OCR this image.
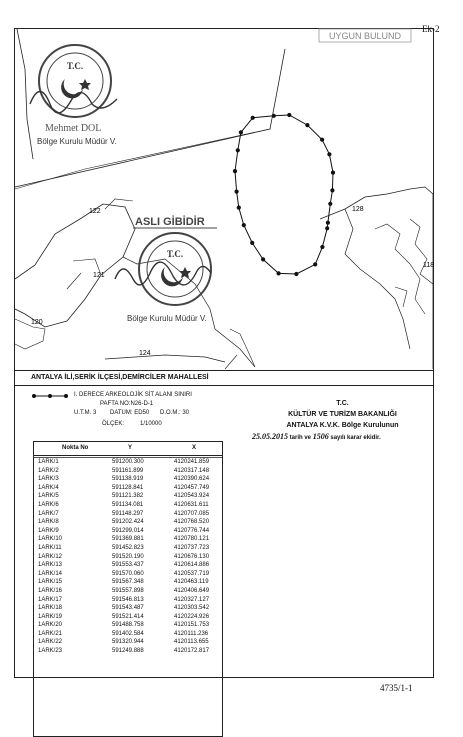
Ek-2
UYGUN BULUND
122
121
128
120
124
118
T.C.
Mehmet DOL
Bölge Kurulu Müdür V.
ASLI GİBİDİR
T.C.
Bölge Kurulu Müdür V.
ANTALYA İLİ,SERİK İLÇESİ,DEMİRCİLER MAHALLESİ
I. DERECE ARKEOLOJİK SİT ALANI SINIRI
PAFTA NO:N26-D-1
U.T.M. 3 DATUM: ED50 D.O.M.: 30
ÖLÇEK:	1/10000
T.C.
KÜLTÜR VE TURİZM BAKANLIĞI
ANTALYA K.V.K. Bölge Kurulunun
25.05.2015 tarih ve 1506 sayılı karar ekidir.
Nokta No	Y	X
1ARK/1	591200.300	4120241.859
1ARK/2	591161.899	4120317.148
1ARK/3	591138.919	4120390.624
1ARK/4	591128.841	4120457.749
1ARK/5	591121.382	4120543.924
1ARK/6	591134.081	4120631.611
1ARK/7	591148.297	4120707.085
1ARK/8	591202.424	4120768.520
1ARK/9	591299.014	4120776.744
1ARK/10	591369.881	4120780.121
1ARK/11	591452.823	4120737.723
1ARK/12	591520.190	4120676.130
1ARK/13	591553.437	4120614.886
1ARK/14	591570.060	4120537.719
1ARK/15	591567.348	4120463.119
1ARK/16	591557.898	4120406.649
1ARK/17	591546.813	4120327.127
1ARK/18	591543.487	4120303.542
1ARK/19	591521.414	4120224.926
1ARK/20	591488.758	4120151.753
1ARK/21	591402.584	4120111.236
1ARK/22	591320.944	4120113.655
1ARK/23	591249.888	4120172.817
4735/1-1
